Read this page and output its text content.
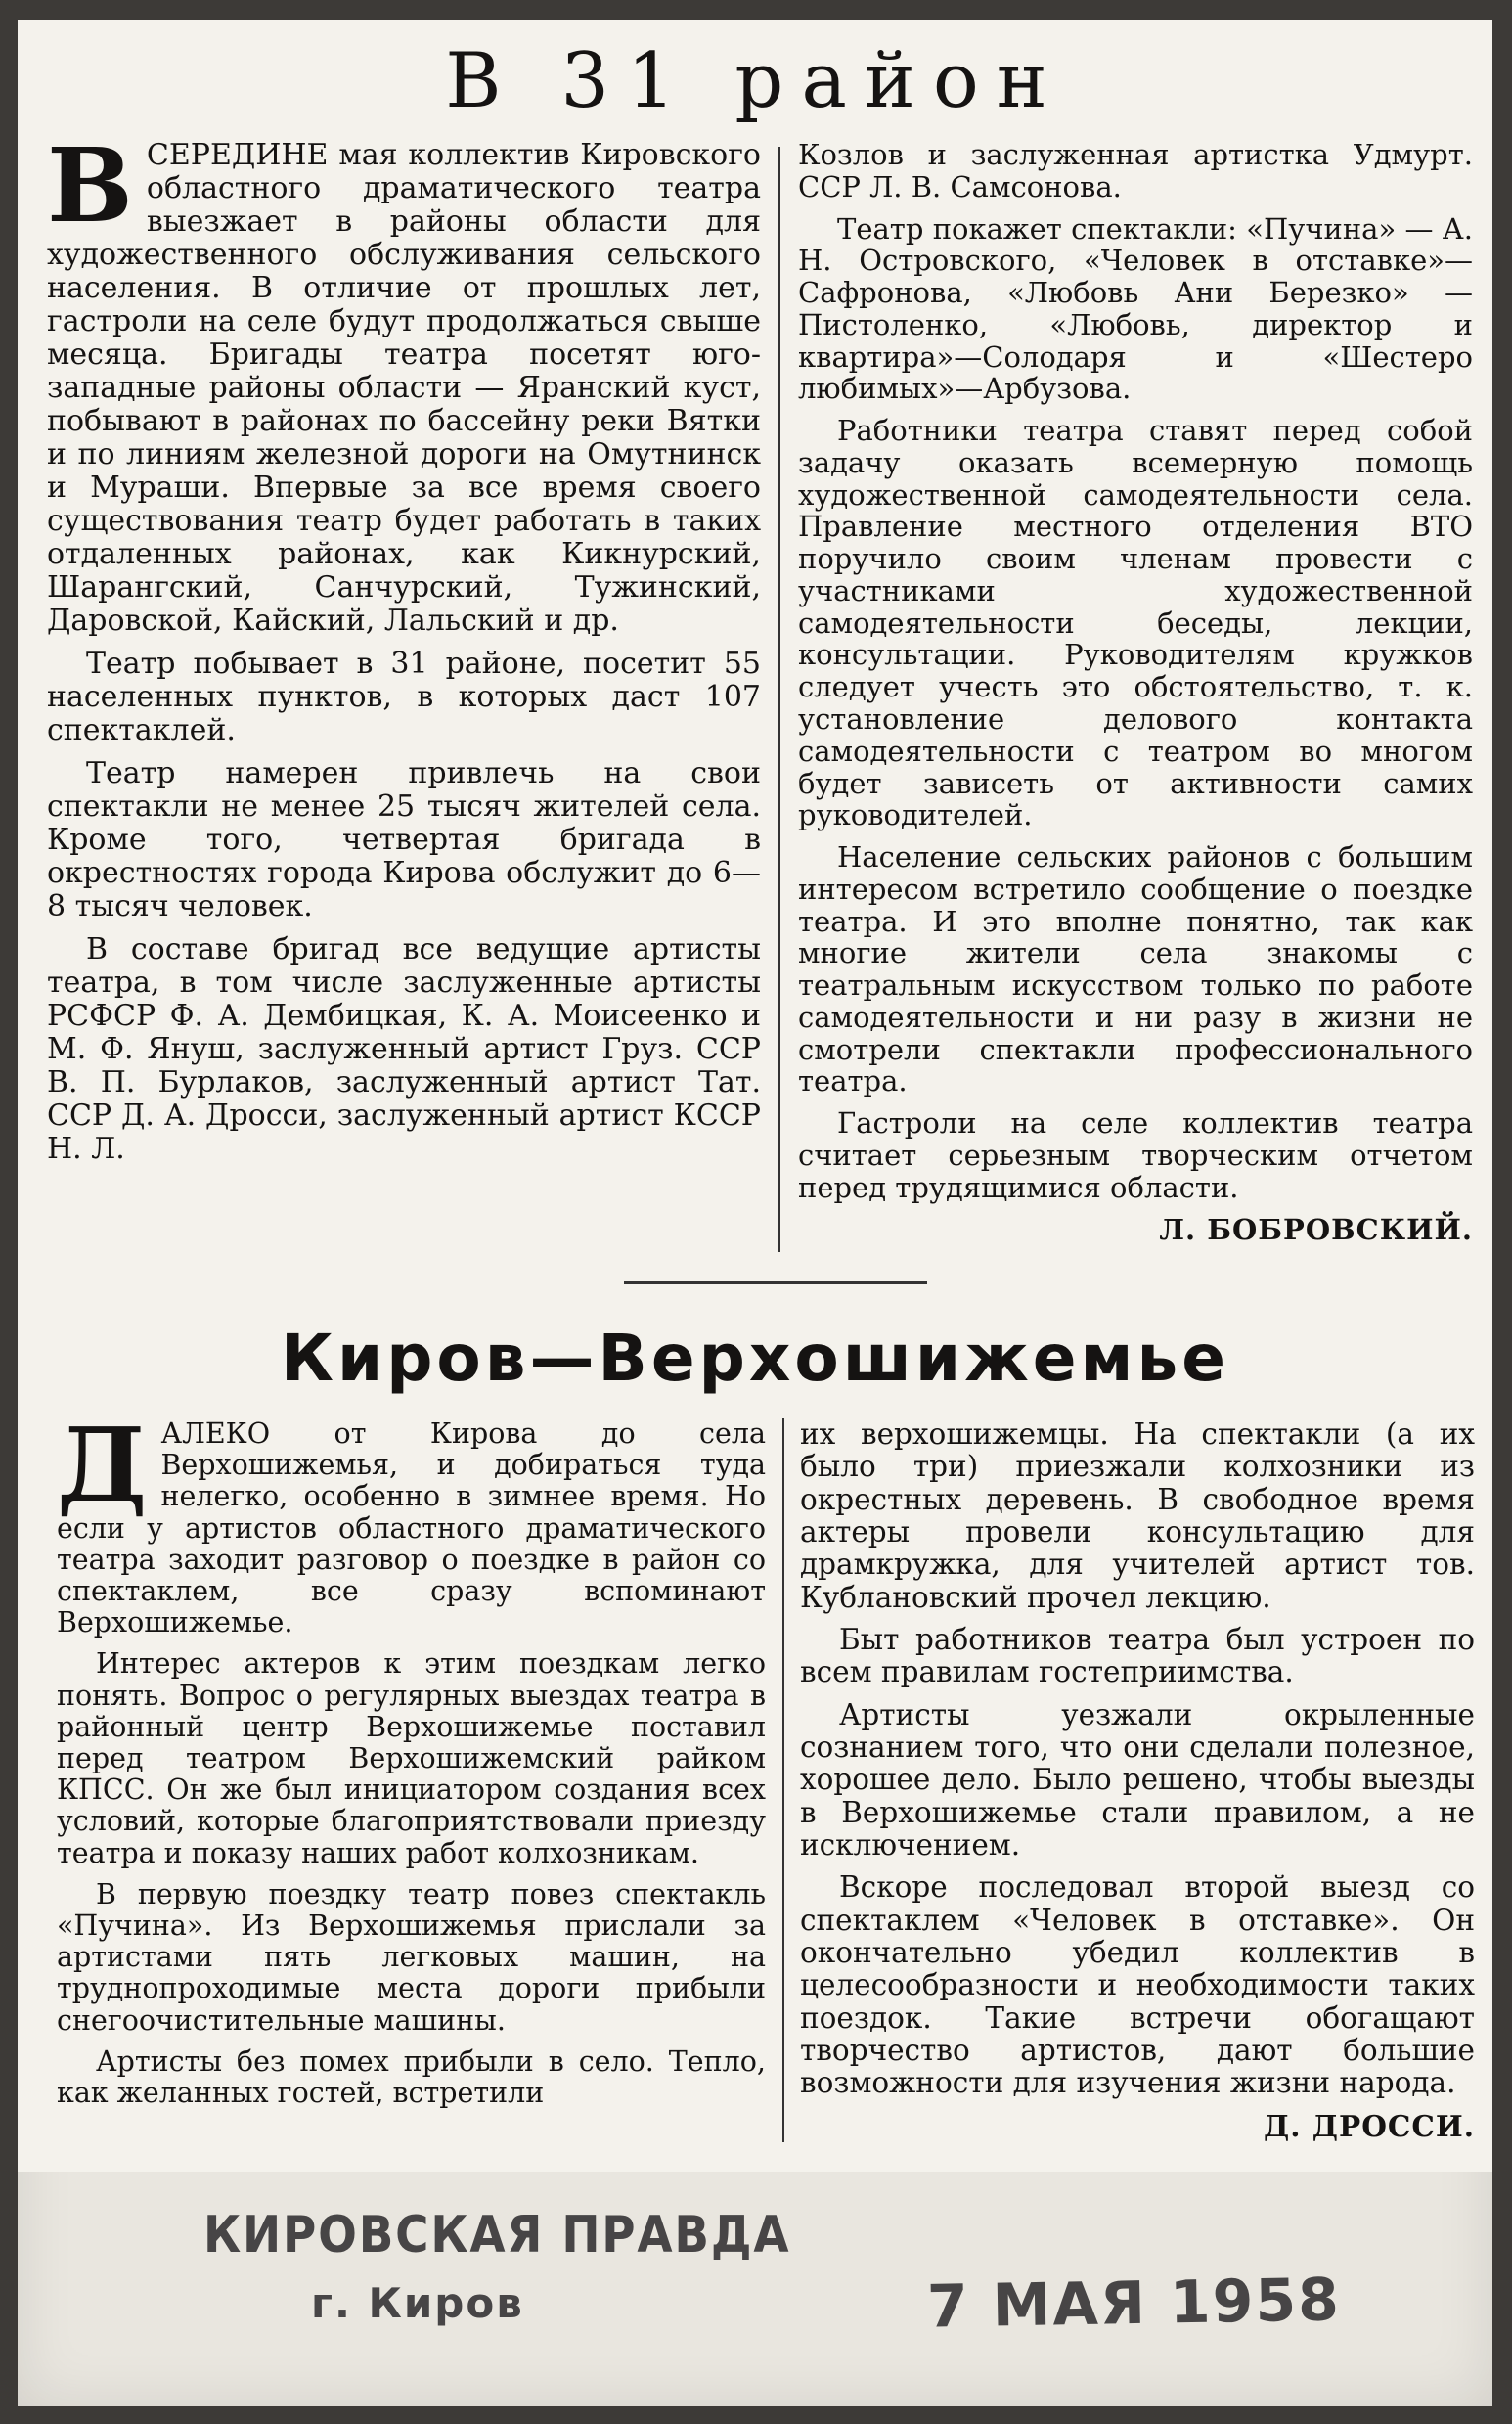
В 31 район
В СЕРЕДИНЕ мая коллектив Кировского областного драматического театра выезжает в районы области для художественного обслуживания сельского населения. В отличие от прошлых лет, гастроли на селе будут продолжаться свыше месяца. Бригады театра посетят юго-западные районы области — Яранский куст, побывают в районах по бассейну реки Вятки и по линиям железной дороги на Омутнинск и Мураши. Впервые за все время своего существования театр будет работать в таких отдаленных районах, как Кикнурский, Шарангский, Санчурский, Тужинский, Даровской, Кайский, Лальский и др.

Театр побывает в 31 районе, посетит 55 населенных пунктов, в которых даст 107 спектаклей.

Театр намерен привлечь на свои спектакли не менее 25 тысяч жителей села. Кроме того, четвертая бригада в окрестностях города Кирова обслужит до 6—8 тысяч человек.

В составе бригад все ведущие артисты театра, в том числе заслуженные артисты РСФСР Ф. А. Дембицкая, К. А. Моисеенко и М. Ф. Януш, заслуженный артист Груз. ССР В. П. Бурлаков, заслуженный артист Тат. ССР Д. А. Дросси, заслуженный артист КССР Н. Л.

Козлов и заслуженная артистка Удмурт. ССР Л. В. Самсонова.

Театр покажет спектакли: «Пучина» — А. Н. Островского, «Человек в отставке»—Сафронова, «Любовь Ани Березко» — Пистоленко, «Любовь, директор и квартира»—Солодаря и «Шестеро любимых»—Арбузова.

Работники театра ставят перед собой задачу оказать всемерную помощь художественной самодеятельности села. Правление местного отделения ВТО поручило своим членам провести с участниками художественной самодеятельности беседы, лекции, консультации. Руководителям кружков следует учесть это обстоятельство, т. к. установление делового контакта самодеятельности с театром во многом будет зависеть от активности самих руководителей.

Население сельских районов с большим интересом встретило сообщение о поездке театра. И это вполне понятно, так как многие жители села знакомы с театральным искусством только по работе самодеятельности и ни разу в жизни не смотрели спектакли профессионального театра.

Гастроли на селе коллектив театра считает серьезным творческим отчетом перед трудящимися области.

Л. БОБРОВСКИЙ.

Киров—Верхошижемье
Д АЛЕКО от Кирова до села Верхошижемья, и добираться туда нелегко, особенно в зимнее время. Но если у артистов областного драматического театра заходит разговор о поездке в район со спектаклем, все сразу вспоминают Верхошижемье.

Интерес актеров к этим поездкам легко понять. Вопрос о регулярных выездах театра в районный центр Верхошижемье поставил перед театром Верхошижемский райком КПСС. Он же был инициатором создания всех условий, которые благоприятствовали приезду театра и показу наших работ колхозникам.

В первую поездку театр повез спектакль «Пучина». Из Верхошижемья прислали за артистами пять легковых машин, на труднопроходимые места дороги прибыли снегоочистительные машины.

Артисты без помех прибыли в село. Тепло, как желанных гостей, встретили

их верхошижемцы. На спектакли (а их было три) приезжали колхозники из окрестных деревень. В свободное время актеры провели консультацию для драмкружка, для учителей артист тов. Кублановский прочел лекцию.

Быт работников театра был устроен по всем правилам гостеприимства.

Артисты уезжали окрыленные сознанием того, что они сделали полезное, хорошее дело. Было решено, чтобы выезды в Верхошижемье стали правилом, а не исключением.

Вскоре последовал второй выезд со спектаклем «Человек в отставке». Он окончательно убедил коллектив в целесообразности и необходимости таких поездок. Такие встречи обогащают творчество артистов, дают большие возможности для изучения жизни народа.

Д. ДРОССИ.

КИРОВСКАЯ ПРАВДА
г. Киров	7 МАЯ 1958
